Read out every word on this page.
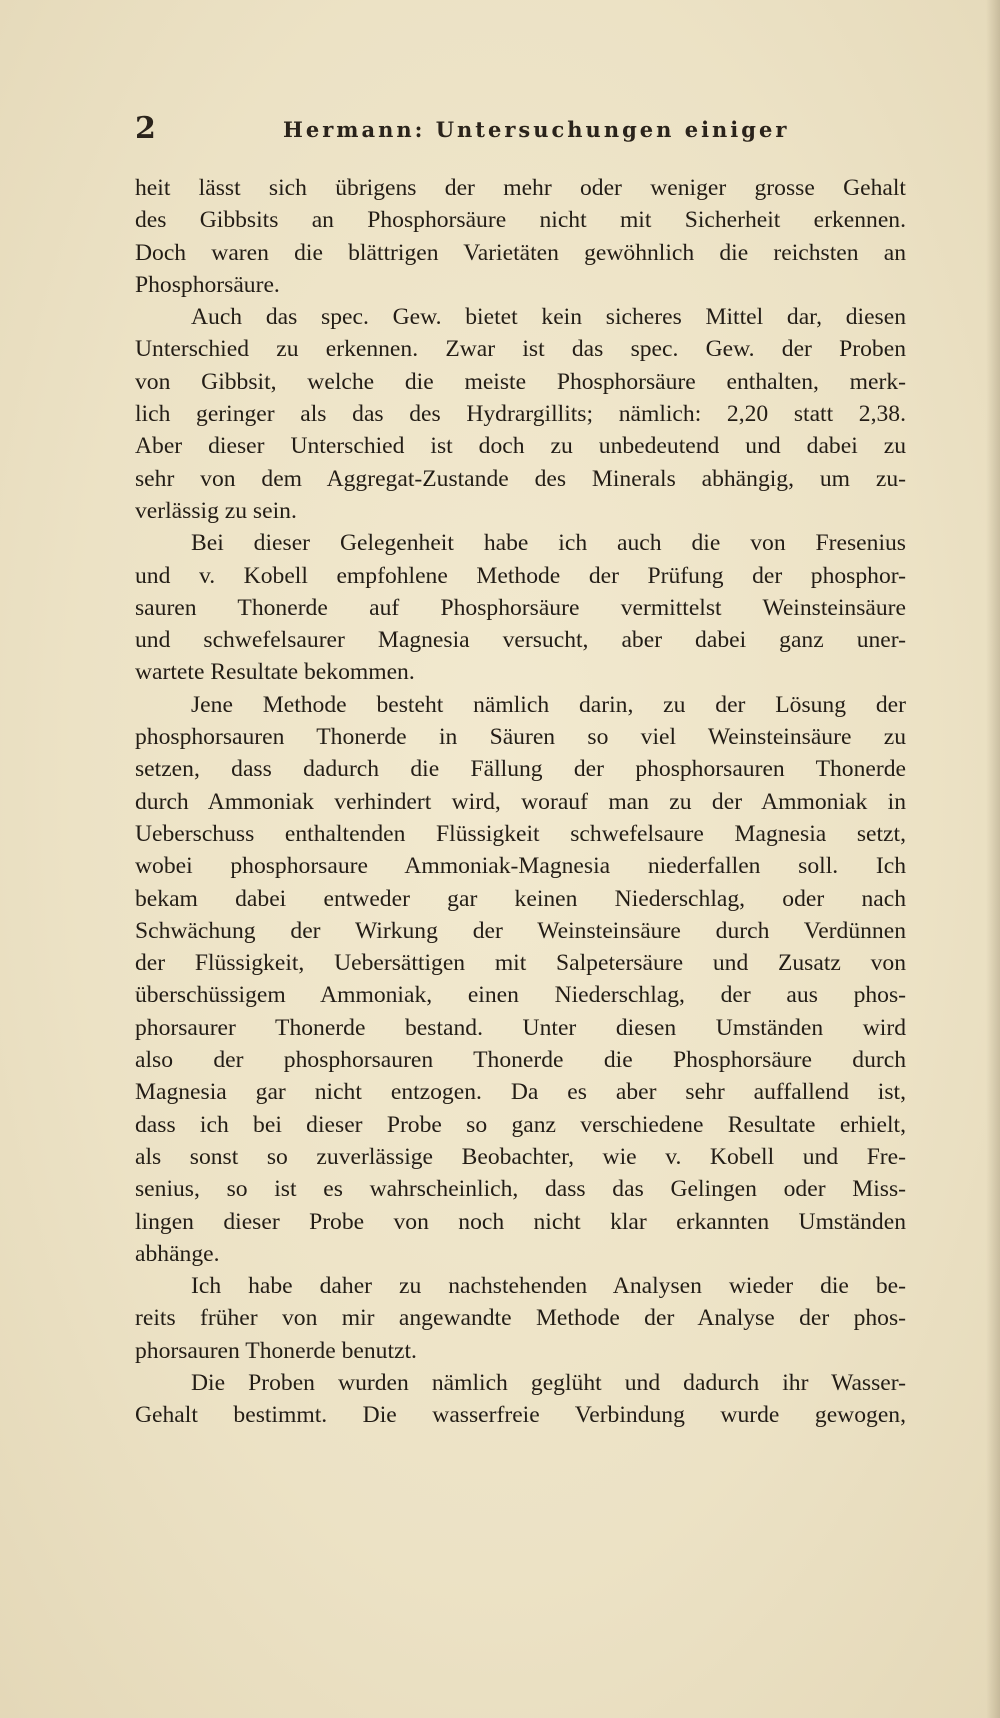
2	Hermann: Untersuchungen einiger
heit lässt sich übrigens der mehr oder weniger grosse Gehalt
des Gibbsits an Phosphorsäure nicht mit Sicherheit erkennen.
Doch waren die blättrigen Varietäten gewöhnlich die reichsten an
Phosphorsäure.
Auch das spec. Gew. bietet kein sicheres Mittel dar, diesen
Unterschied zu erkennen. Zwar ist das spec. Gew. der Proben
von Gibbsit, welche die meiste Phosphorsäure enthalten, merk-
lich geringer als das des Hydrargillits; nämlich: 2,20 statt 2,38.
Aber dieser Unterschied ist doch zu unbedeutend und dabei zu
sehr von dem Aggregat-Zustande des Minerals abhängig, um zu-
verlässig zu sein.
Bei dieser Gelegenheit habe ich auch die von Fresenius
und v. Kobell empfohlene Methode der Prüfung der phosphor-
sauren Thonerde auf Phosphorsäure vermittelst Weinsteinsäure
und schwefelsaurer Magnesia versucht, aber dabei ganz uner-
wartete Resultate bekommen.
Jene Methode besteht nämlich darin, zu der Lösung der
phosphorsauren Thonerde in Säuren so viel Weinsteinsäure zu
setzen, dass dadurch die Fällung der phosphorsauren Thonerde
durch Ammoniak verhindert wird, worauf man zu der Ammoniak in
Ueberschuss enthaltenden Flüssigkeit schwefelsaure Magnesia setzt,
wobei phosphorsaure Ammoniak-Magnesia niederfallen soll. Ich
bekam dabei entweder gar keinen Niederschlag, oder nach
Schwächung der Wirkung der Weinsteinsäure durch Verdünnen
der Flüssigkeit, Uebersättigen mit Salpetersäure und Zusatz von
überschüssigem Ammoniak, einen Niederschlag, der aus phos-
phorsaurer Thonerde bestand. Unter diesen Umständen wird
also der phosphorsauren Thonerde die Phosphorsäure durch
Magnesia gar nicht entzogen. Da es aber sehr auffallend ist,
dass ich bei dieser Probe so ganz verschiedene Resultate erhielt,
als sonst so zuverlässige Beobachter, wie v. Kobell und Fre-
senius, so ist es wahrscheinlich, dass das Gelingen oder Miss-
lingen dieser Probe von noch nicht klar erkannten Umständen
abhänge.
Ich habe daher zu nachstehenden Analysen wieder die be-
reits früher von mir angewandte Methode der Analyse der phos-
phorsauren Thonerde benutzt.
Die Proben wurden nämlich geglüht und dadurch ihr Wasser-
Gehalt bestimmt. Die wasserfreie Verbindung wurde gewogen,
